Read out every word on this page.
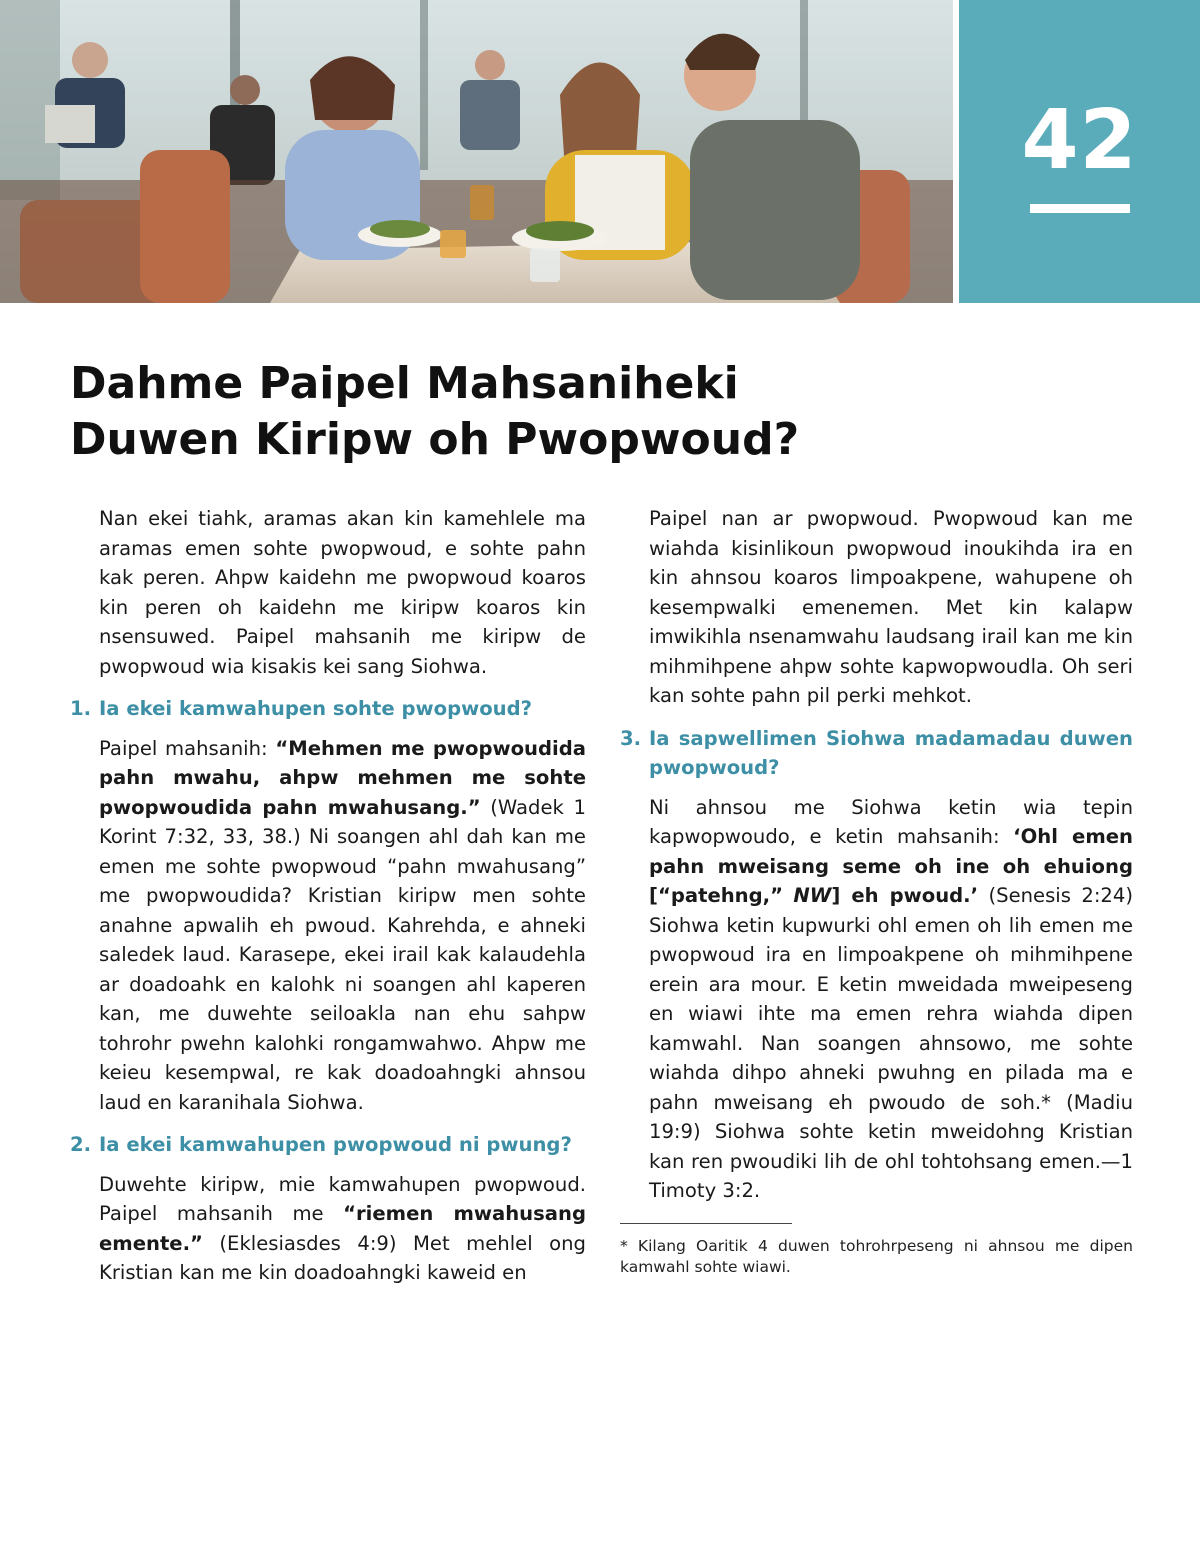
42
Dahme Paipel Mahsaniheki
Duwen Kiripw oh Pwopwoud?

Nan ekei tiahk, aramas akan kin kamehlele ma aramas emen sohte pwopwoud, e sohte pahn kak peren. Ahpw kaidehn me pwopwoud koaros kin peren oh kaidehn me kiripw koaros kin nsensuwed. Paipel mahsanih me kiripw de pwopwoud wia kisakis kei sang Siohwa.

1. Ia ekei kamwahupen sohte pwopwoud?

Paipel mahsanih: “Mehmen me pwopwoudida pahn mwahu, ahpw mehmen me sohte pwopwoudida pahn mwahusang.” (Wadek 1 Korint 7:32, 33, 38.) Ni soangen ahl dah kan me emen me sohte pwopwoud “pahn mwahusang” me pwopwoudida? Kristian kiripw men sohte anahne apwalih eh pwoud. Kahrehda, e ahneki saledek laud. Karasepe, ekei irail kak kalaudehla ar doadoahk en kalohk ni soangen ahl kaperen kan, me duwehte seiloakla nan ehu sahpw tohrohr pwehn kalohki rongamwahwo. Ahpw me keieu kesempwal, re kak doadoahngki ahnsou laud en karanihala Siohwa.

2. Ia ekei kamwahupen pwopwoud ni pwung?

Duwehte kiripw, mie kamwahupen pwopwoud. Paipel mahsanih me “riemen mwahusang emente.” (Eklesiasdes 4:9) Met mehlel ong Kristian kan me kin doadoahngki kaweid en

Paipel nan ar pwopwoud. Pwopwoud kan me wiahda kisinlikoun pwopwoud inoukihda ira en kin ahnsou koaros limpoakpene, wahupene oh kesempwalki emenemen. Met kin kalapw imwikihla nsenamwahu laudsang irail kan me kin mihmihpene ahpw sohte kapwopwoudla. Oh seri kan sohte pahn pil perki mehkot.

3. Ia sapwellimen Siohwa madamadau duwen pwopwoud?

Ni ahnsou me Siohwa ketin wia tepin kapwopwoudo, e ketin mahsanih: ‘Ohl emen pahn mweisang seme oh ine oh ehuiong [“patehng,” NW] eh pwoud.’ (Senesis 2:24) Siohwa ketin kupwurki ohl emen oh lih emen me pwopwoud ira en limpoakpene oh mihmihpene erein ara mour. E ketin mweidada mweipeseng en wiawi ihte ma emen rehra wiahda dipen kamwahl. Nan soangen ahnsowo, me sohte wiahda dihpo ahneki pwuhng en pilada ma e pahn mweisang eh pwoudo de soh.* (Madiu 19:9) Siohwa sohte ketin mweidohng Kristian kan ren pwoudiki lih de ohl tohtohsang emen.—1 Timoty 3:2.

* Kilang Oaritik 4 duwen tohrohrpeseng ni ahnsou me dipen kamwahl sohte wiawi.
